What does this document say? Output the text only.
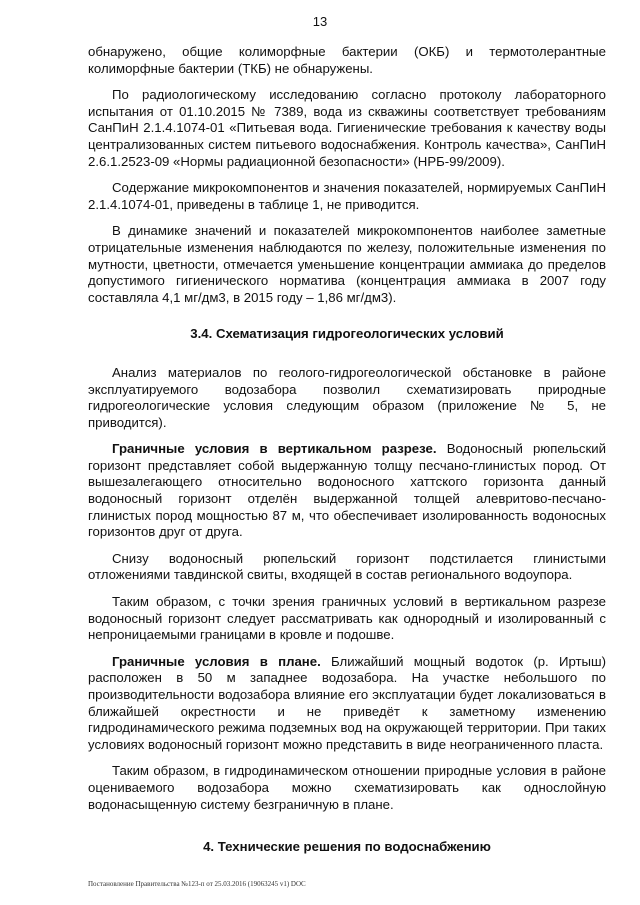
13

обнаружено, общие колиморфные бактерии (ОКБ) и термотолерантные колиморфные бактерии (ТКБ) не обнаружены.

По радиологическому исследованию согласно протоколу лабораторного испытания от 01.10.2015 № 7389, вода из скважины соответствует требованиям СанПиН 2.1.4.1074-01 «Питьевая вода. Гигиенические требования к качеству воды централизованных систем питьевого водоснабжения. Контроль качества», СанПиН 2.6.1.2523-09 «Нормы радиационной безопасности» (НРБ-99/2009).

Содержание микрокомпонентов и значения показателей, нормируемых СанПиН 2.1.4.1074-01, приведены в таблице 1, не приводится.

В динамике значений и показателей микрокомпонентов наиболее заметные отрицательные изменения наблюдаются по железу, положительные изменения по мутности, цветности, отмечается уменьшение концентрации аммиака до пределов допустимого гигиенического норматива (концентрация аммиака в 2007 году составляла 4,1 мг/дм3, в 2015 году – 1,86 мг/дм3).

3.4. Схематизация гидрогеологических условий

Анализ материалов по геолого-гидрогеологической обстановке в районе эксплуатируемого водозабора позволил схематизировать природные гидрогеологические условия следующим образом (приложение № 5, не приводится).

Граничные условия в вертикальном разрезе. Водоносный рюпельский горизонт представляет собой выдержанную толщу песчано-глинистых пород. От вышезалегающего относительно водоносного хаттского горизонта данный водоносный горизонт отделён выдержанной толщей алевритово-песчано-глинистых пород мощностью 87 м, что обеспечивает изолированность водоносных горизонтов друг от друга.

Снизу водоносный рюпельский горизонт подстилается глинистыми отложениями тавдинской свиты, входящей в состав регионального водоупора.

Таким образом, с точки зрения граничных условий в вертикальном разрезе водоносный горизонт следует рассматривать как однородный и изолированный с непроницаемыми границами в кровле и подошве.

Граничные условия в плане. Ближайший мощный водоток (р. Иртыш) расположен в 50 м западнее водозабора. На участке небольшого по производительности водозабора влияние его эксплуатации будет локализоваться в ближайшей окрестности и не приведёт к заметному изменению гидродинамического режима подземных вод на окружающей территории. При таких условиях водоносный горизонт можно представить в виде неограниченного пласта.

Таким образом, в гидродинамическом отношении природные условия в районе оцениваемого водозабора можно схематизировать как однослойную водонасыщенную систему безграничную в плане.

4. Технические решения по водоснабжению

Постановление Правительства №123-п от 25.03.2016 (19063245 v1) DOC
